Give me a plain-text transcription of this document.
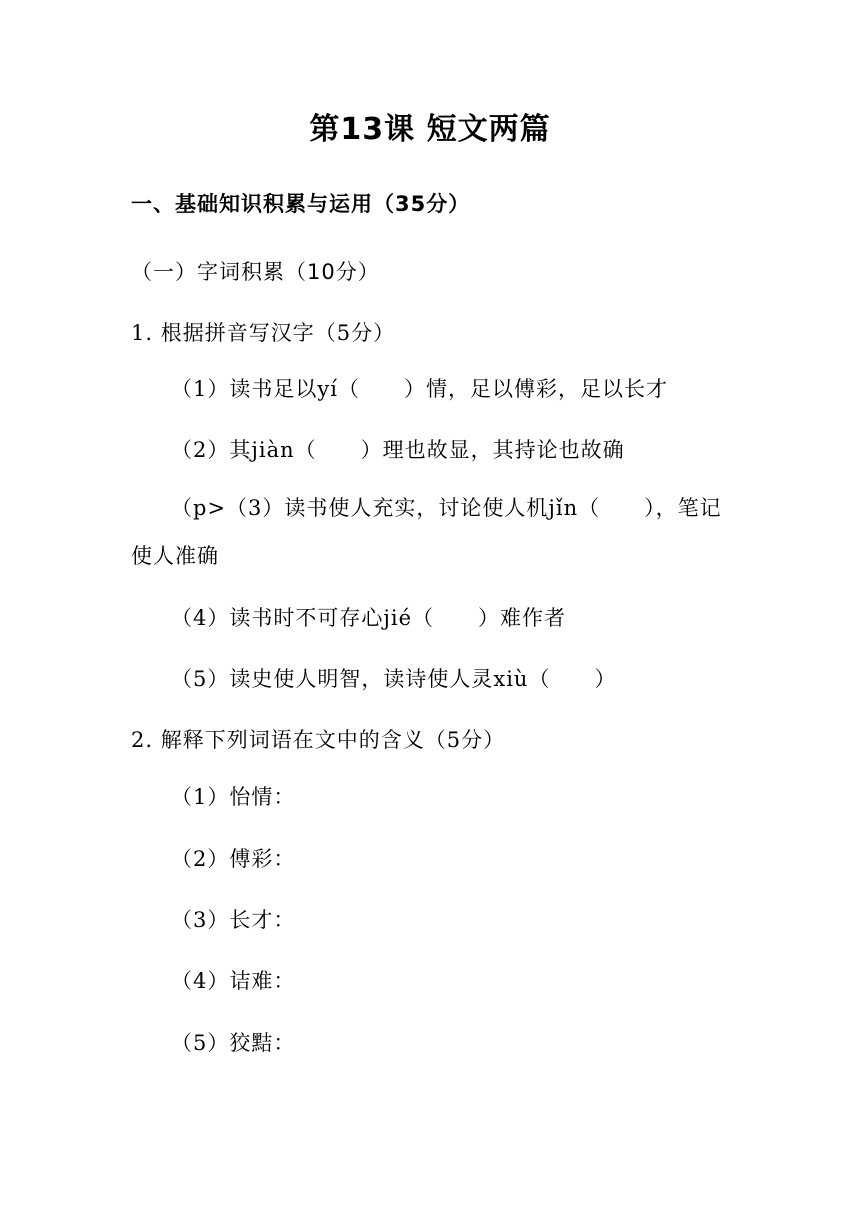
第13课 短文两篇
一、基础知识积累与运用（35分）
（一）字词积累（10分）
1. 根据拼音写汉字（5分）
（1）读书足以yí（　　）情，足以傅彩，足以长才
（2）其jiàn（　　）理也故显，其持论也故确
（p>（3）读书使人充实，讨论使人机jǐn（　　），笔记使人准确
（4）读书时不可存心jié（　　）难作者
（5）读史使人明智，读诗使人灵xiù（　　）
2. 解释下列词语在文中的含义（5分）
（1）怡情：
（2）傅彩：
（3）长才：
（4）诘难：
（5）狡黠：
